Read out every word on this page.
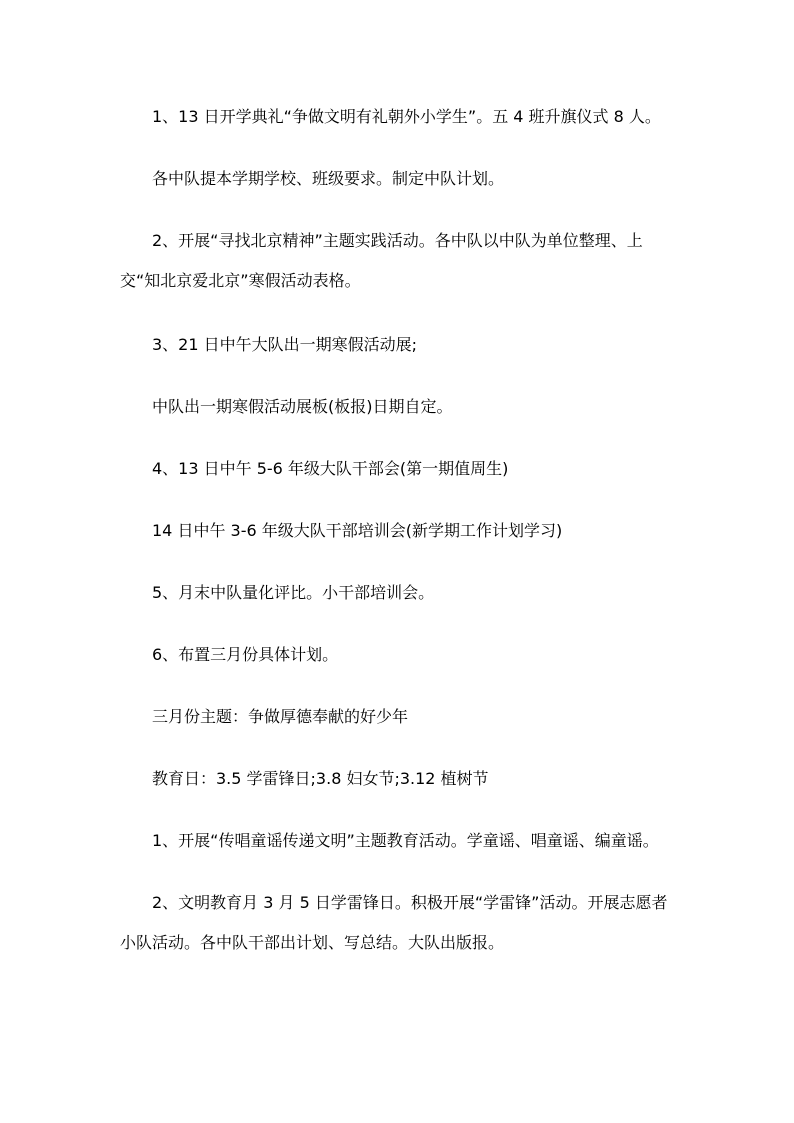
1、13 日开学典礼“争做文明有礼朝外小学生”。五 4 班升旗仪式 8 人。

各中队提本学期学校、班级要求。制定中队计划。

2、开展“寻找北京精神”主题实践活动。各中队以中队为单位整理、上交“知北京爱北京”寒假活动表格。

3、21 日中午大队出一期寒假活动展;

中队出一期寒假活动展板(板报)日期自定。

4、13 日中午 5-6 年级大队干部会(第一期值周生)

14 日中午 3-6 年级大队干部培训会(新学期工作计划学习)

5、月末中队量化评比。小干部培训会。

6、布置三月份具体计划。

三月份主题：争做厚德奉献的好少年

教育日：3.5 学雷锋日;3.8 妇女节;3.12 植树节

1、开展“传唱童谣传递文明”主题教育活动。学童谣、唱童谣、编童谣。

2、文明教育月 3 月 5 日学雷锋日。积极开展“学雷锋”活动。开展志愿者小队活动。各中队干部出计划、写总结。大队出版报。
